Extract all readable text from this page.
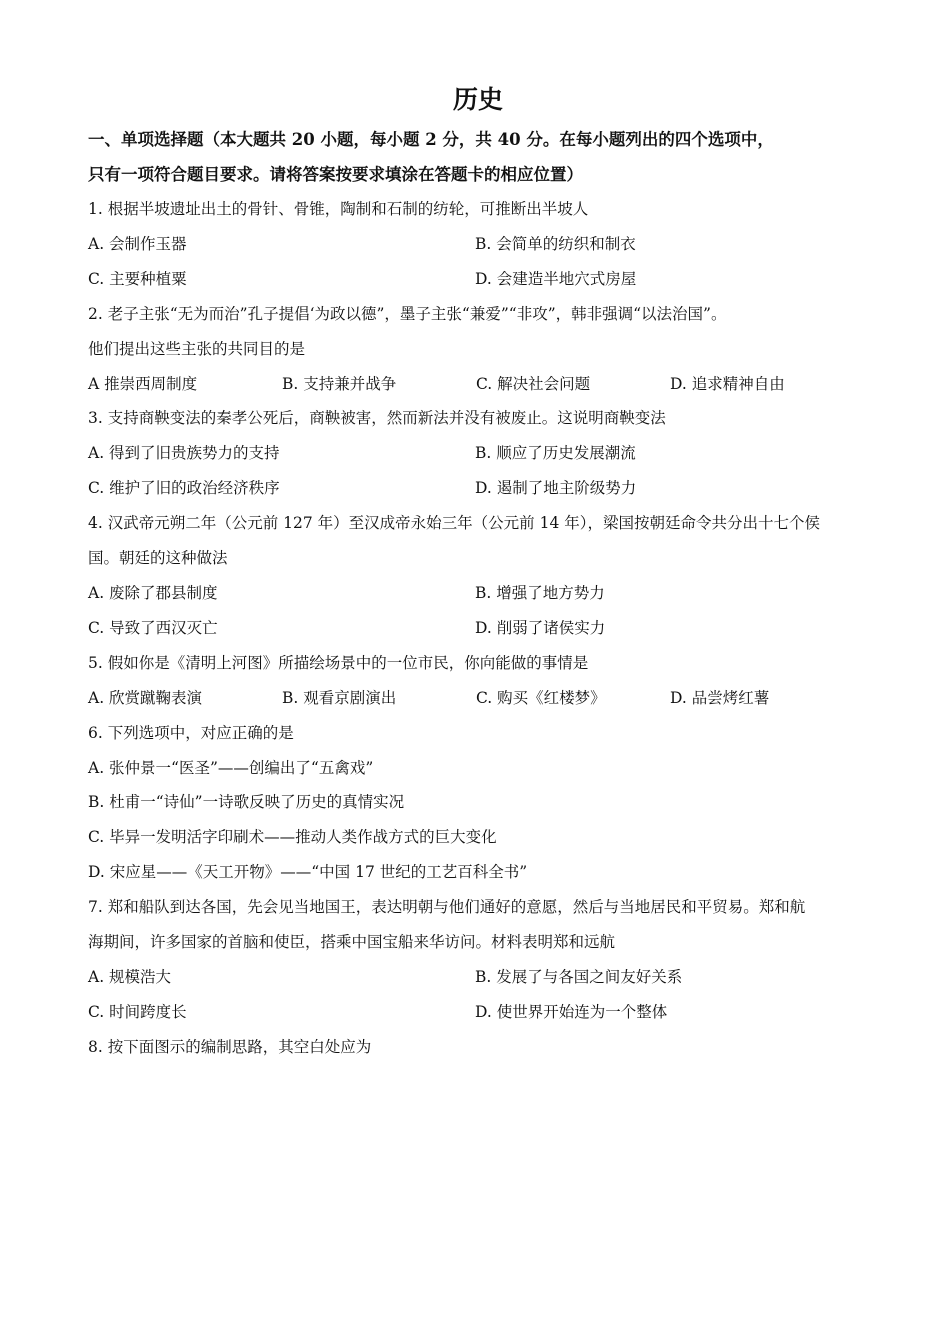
历史
一、单项选择题（本大题共 20 小题，每小题 2 分，共 40 分。在每小题列出的四个选项中，
只有一项符合题目要求。请将答案按要求填涂在答题卡的相应位置）
1. 根据半坡遗址出土的骨针、骨锥，陶制和石制的纺轮，可推断出半坡人
A. 会制作玉器	B. 会简单的纺织和制衣
C. 主要种植粟	D. 会建造半地穴式房屋
2. 老子主张“无为而治”孔子提倡‘为政以德”，墨子主张“兼爱”“非攻”，韩非强调“以法治国”。
他们提出这些主张的共同目的是
A 推崇西周制度	B. 支持兼并战争	C. 解决社会问题	D. 追求精神自由
3. 支持商鞅变法的秦孝公死后，商鞅被害，然而新法并没有被废止。这说明商鞅变法
A. 得到了旧贵族势力的支持	B. 顺应了历史发展潮流
C. 维护了旧的政治经济秩序	D. 遏制了地主阶级势力
4. 汉武帝元朔二年（公元前 127 年）至汉成帝永始三年（公元前 14 年），梁国按朝廷命令共分出十七个侯
国。朝廷的这种做法
A. 废除了郡县制度	B. 增强了地方势力
C. 导致了西汉灭亡	D. 削弱了诸侯实力
5. 假如你是《清明上河图》所描绘场景中的一位市民，你向能做的事情是
A. 欣赏蹴鞠表演	B. 观看京剧演出	C. 购买《红楼梦》	D. 品尝烤红薯
6. 下列选项中，对应正确的是
A. 张仲景一“医圣”——创编出了“五禽戏”
B. 杜甫一“诗仙”一诗歌反映了历史的真情实况
C. 毕异一发明活字印刷术——推动人类作战方式的巨大变化
D. 宋应星——《天工开物》——“中国 17 世纪的工艺百科全书”
7. 郑和船队到达各国，先会见当地国王，表达明朝与他们通好的意愿，然后与当地居民和平贸易。郑和航
海期间，许多国家的首脑和使臣，搭乘中国宝船来华访问。材料表明郑和远航
A. 规模浩大	B. 发展了与各国之间友好关系
C. 时间跨度长	D. 使世界开始连为一个整体
8. 按下面图示的编制思路，其空白处应为
